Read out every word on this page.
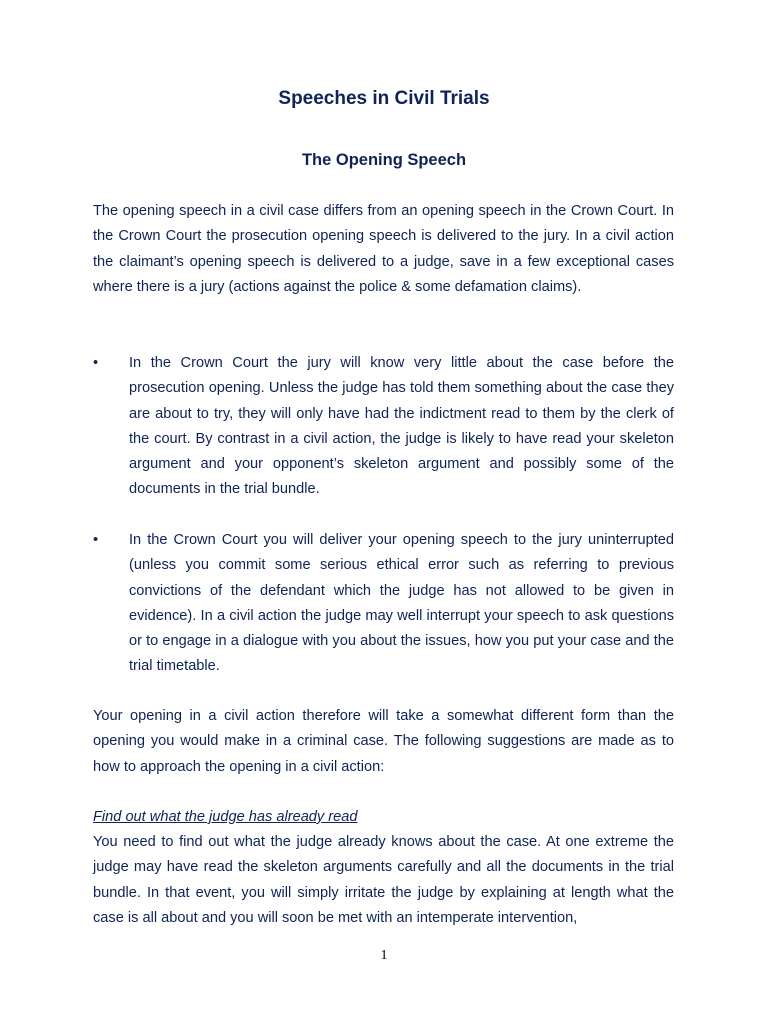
Speeches in Civil Trials
The Opening Speech

The opening speech in a civil case differs from an opening speech in the Crown Court. In the Crown Court the prosecution opening speech is delivered to the jury. In a civil action the claimant’s opening speech is delivered to a judge, save in a few exceptional cases where there is a jury (actions against the police & some defamation claims).

• In the Crown Court the jury will know very little about the case before the prosecution opening. Unless the judge has told them something about the case they are about to try, they will only have had the indictment read to them by the clerk of the court. By contrast in a civil action, the judge is likely to have read your skeleton argument and your opponent’s skeleton argument and possibly some of the documents in the trial bundle.

• In the Crown Court you will deliver your opening speech to the jury uninterrupted (unless you commit some serious ethical error such as referring to previous convictions of the defendant which the judge has not allowed to be given in evidence). In a civil action the judge may well interrupt your speech to ask questions or to engage in a dialogue with you about the issues, how you put your case and the trial timetable.

Your opening in a civil action therefore will take a somewhat different form than the opening you would make in a criminal case. The following suggestions are made as to how to approach the opening in a civil action:

Find out what the judge has already read

You need to find out what the judge already knows about the case. At one extreme the judge may have read the skeleton arguments carefully and all the documents in the trial bundle. In that event, you will simply irritate the judge by explaining at length what the case is all about and you will soon be met with an intemperate intervention,

1
